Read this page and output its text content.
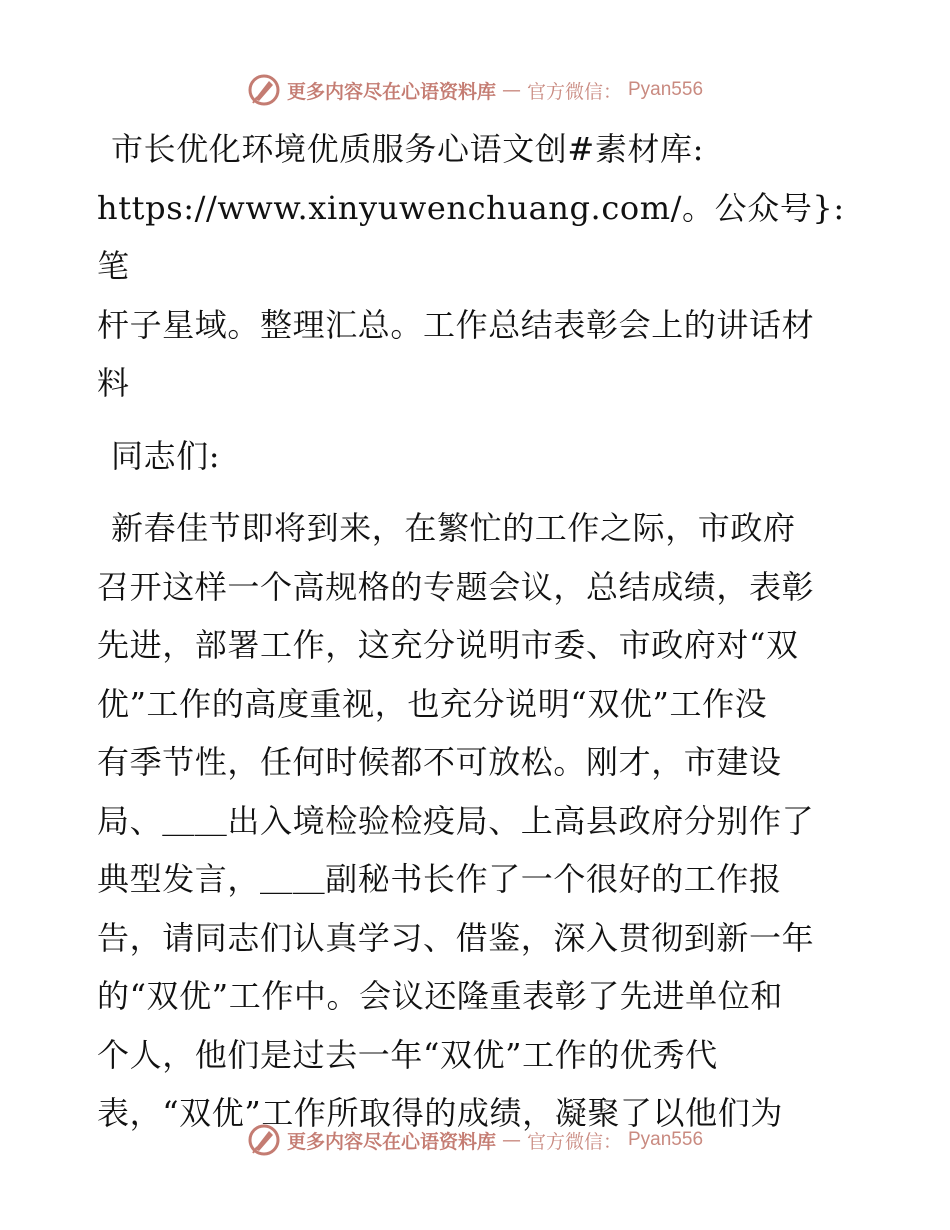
更多内容尽在心语资料库 — 官方微信： Pyan556
市长优化环境优质服务心语文创#素材库:
https://www.xinyuwenchuang.com/。公众号}: 笔
杆子星域。整理汇总。工作总结表彰会上的讲话材
料
同志们:
新春佳节即将到来，在繁忙的工作之际，市政府
召开这样一个高规格的专题会议，总结成绩，表彰
先进，部署工作，这充分说明市委、市政府对“双
优”工作的高度重视，也充分说明“双优”工作没
有季节性，任何时候都不可放松。刚才，市建设
局、＿＿出入境检验检疫局、上高县政府分别作了
典型发言，＿＿副秘书长作了一个很好的工作报
告，请同志们认真学习、借鉴，深入贯彻到新一年
的“双优”工作中。会议还隆重表彰了先进单位和
个人，他们是过去一年“双优”工作的优秀代
表，“双优”工作所取得的成绩，凝聚了以他们为
更多内容尽在心语资料库 — 官方微信： Pyan556
